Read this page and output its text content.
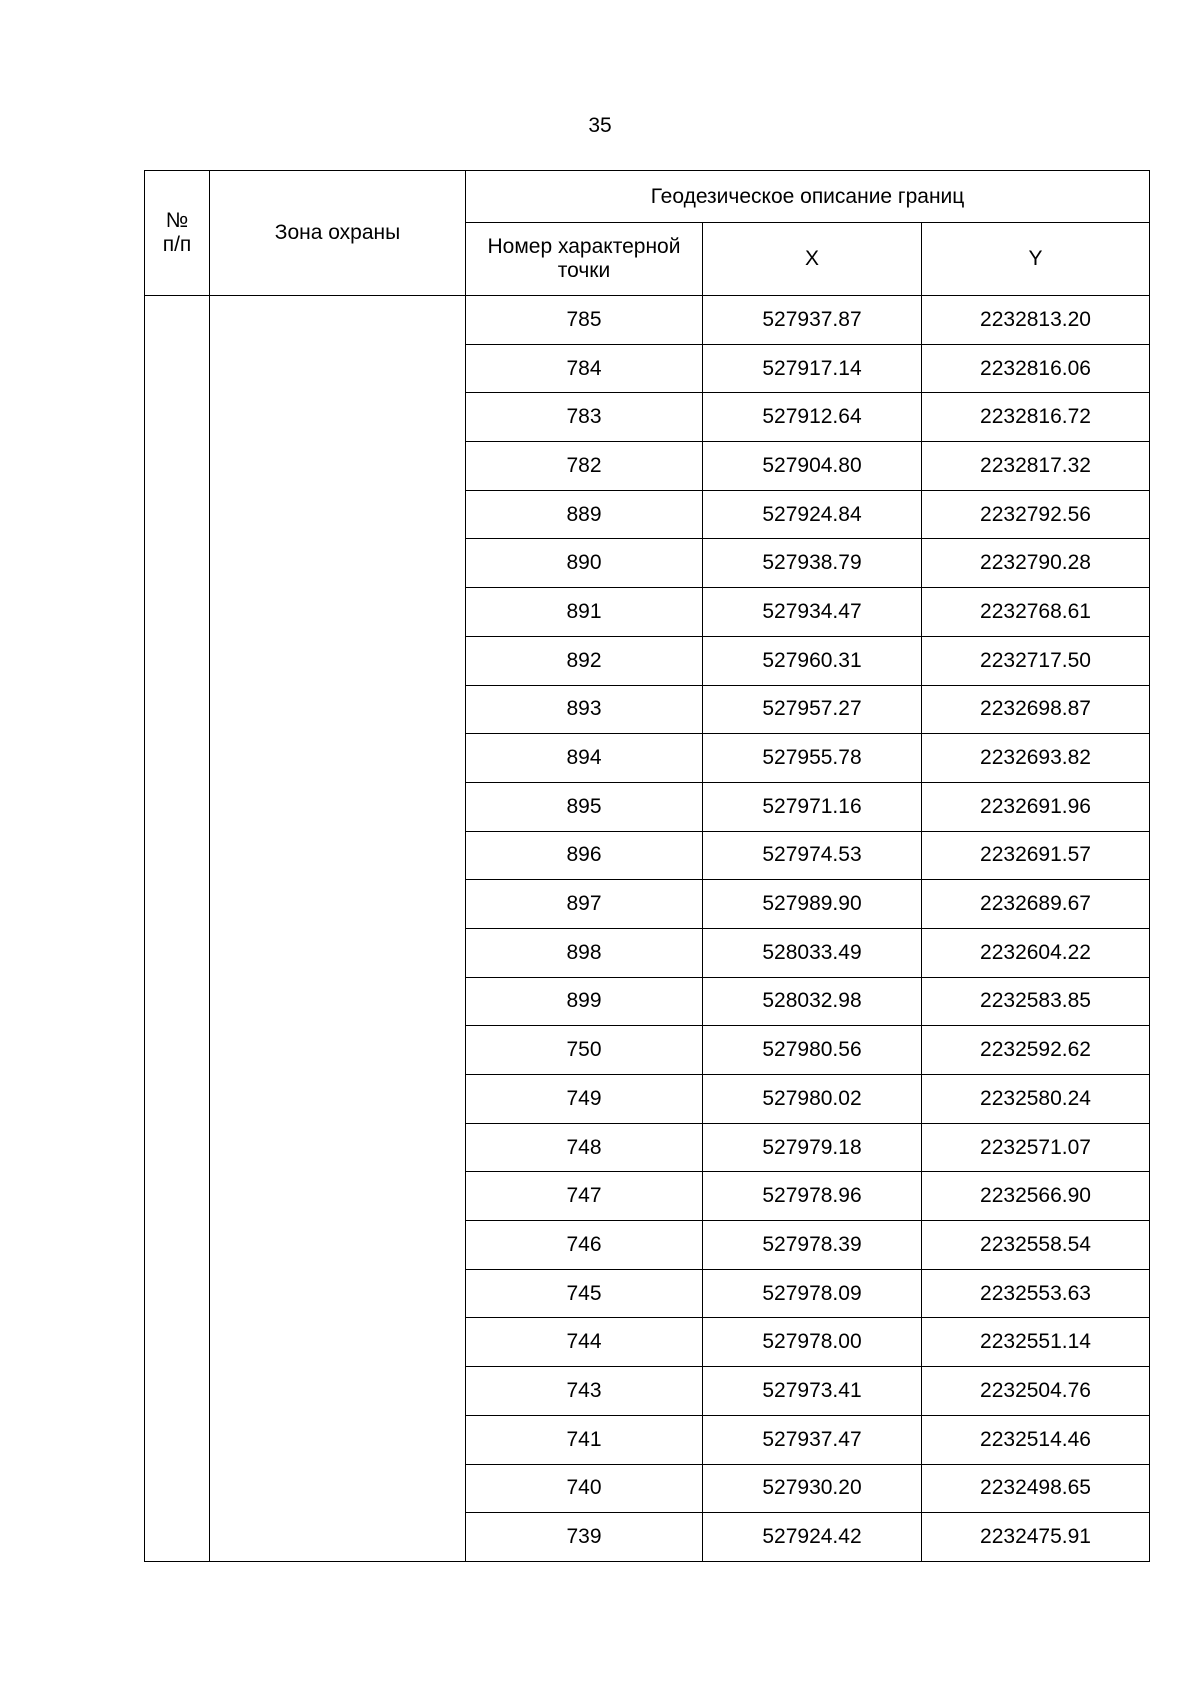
35
№
п/п	Зона охраны	Геодезическое описание границ		
		Номер характерной точки	X	Y
		785	527937.87	2232813.20
		784	527917.14	2232816.06
		783	527912.64	2232816.72
		782	527904.80	2232817.32
		889	527924.84	2232792.56
		890	527938.79	2232790.28
		891	527934.47	2232768.61
		892	527960.31	2232717.50
		893	527957.27	2232698.87
		894	527955.78	2232693.82
		895	527971.16	2232691.96
		896	527974.53	2232691.57
		897	527989.90	2232689.67
		898	528033.49	2232604.22
		899	528032.98	2232583.85
		750	527980.56	2232592.62
		749	527980.02	2232580.24
		748	527979.18	2232571.07
		747	527978.96	2232566.90
		746	527978.39	2232558.54
		745	527978.09	2232553.63
		744	527978.00	2232551.14
		743	527973.41	2232504.76
		741	527937.47	2232514.46
		740	527930.20	2232498.65
		739	527924.42	2232475.91
